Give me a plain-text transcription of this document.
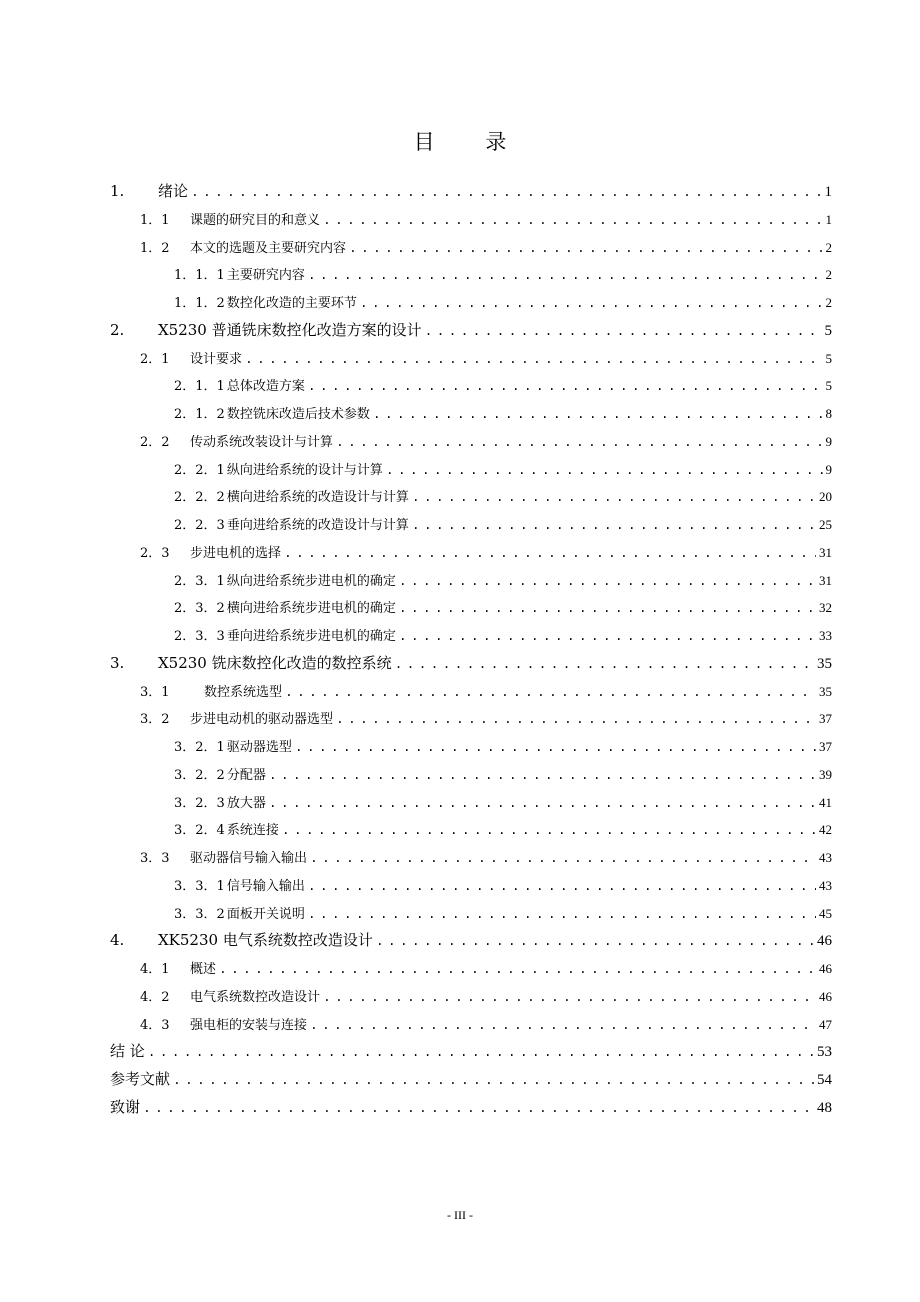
目 录
1.	绪论 .....	1
1．1	课题的研究目的和意义 .....	1
1．2	本文的选题及主要研究内容 .....	2
1．1．1 主要研究内容 .....	2
1．1．2 数控化改造的主要环节 .....	2
2.	X5230 普通铣床数控化改造方案的设计 .....	5
2．1	设计要求 .....	5
2．1．1 总体改造方案 .....	5
2．1．2 数控铣床改造后技术参数 .....	8
2．2	传动系统改装设计与计算 .....	9
2．2．1 纵向进给系统的设计与计算 .....	9
2．2．2 横向进给系统的改造设计与计算 .....	20
2．2．3 垂向进给系统的改造设计与计算 .....	25
2．3	步进电机的选择 .....	31
2．3．1 纵向进给系统步进电机的确定 .....	31
2．3．2 横向进给系统步进电机的确定 .....	32
2．3．3 垂向进给系统步进电机的确定 .....	33
3.	X5230 铣床数控化改造的数控系统 .....	35
3．1	数控系统选型 .....	35
3．2	步进电动机的驱动器选型 .....	37
3．2．1 驱动器选型 .....	37
3．2．2 分配器 .....	39
3．2．3 放大器 .....	41
3．2．4 系统连接 .....	42
3．3	驱动器信号输入输出 .....	43
3．3．1 信号输入输出 .....	43
3．3．2 面板开关说明 .....	45
4.	XK5230 电气系统数控改造设计 .....	46
4．1	概述 .....	46
4．2	电气系统数控改造设计 .....	46
4．3	强电柜的安装与连接 .....	47
结 论 .....	53
参考文献 .....	54
致谢 .....	48
- III -
